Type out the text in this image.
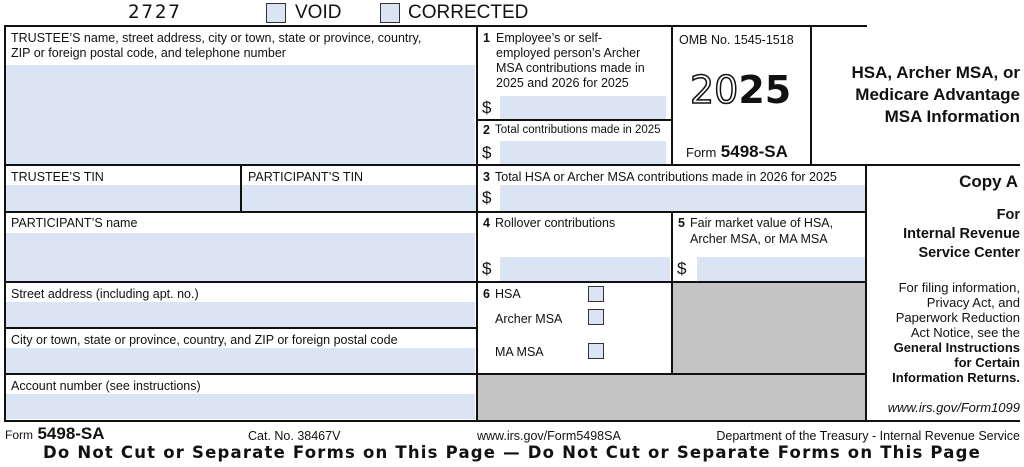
2727	VOID	CORRECTED
TRUSTEE’S name, street address, city or town, state or province, country,
ZIP or foreign postal code, and telephone number
TRUSTEE’S TIN	PARTICIPANT’S TIN
PARTICIPANT’S name
Street address (including apt. no.)
City or town, state or province, country, and ZIP or foreign postal code
Account number (see instructions)
1 Employee’s or self-
employed person’s Archer
MSA contributions made in
2025 and 2026 for 2025
$
2 Total contributions made in 2025
$
OMB No. 1545-1518
2025
Form 5498-SA
HSA, Archer MSA, or
Medicare Advantage
MSA Information
3 Total HSA or Archer MSA contributions made in 2026 for 2025
$
4 Rollover contributions
$
5 Fair market value of HSA,
Archer MSA, or MA MSA
$
6 HSA
Archer MSA
MA MSA
Copy A
For
Internal Revenue
Service Center
For filing information,
Privacy Act, and
Paperwork Reduction
Act Notice, see the
General Instructions
for Certain
Information Returns.
www.irs.gov/Form1099
Form 5498-SA	Cat. No. 38467V	www.irs.gov/Form5498SA	Department of the Treasury - Internal Revenue Service
Do Not Cut or Separate Forms on This Page — Do Not Cut or Separate Forms on This Page
